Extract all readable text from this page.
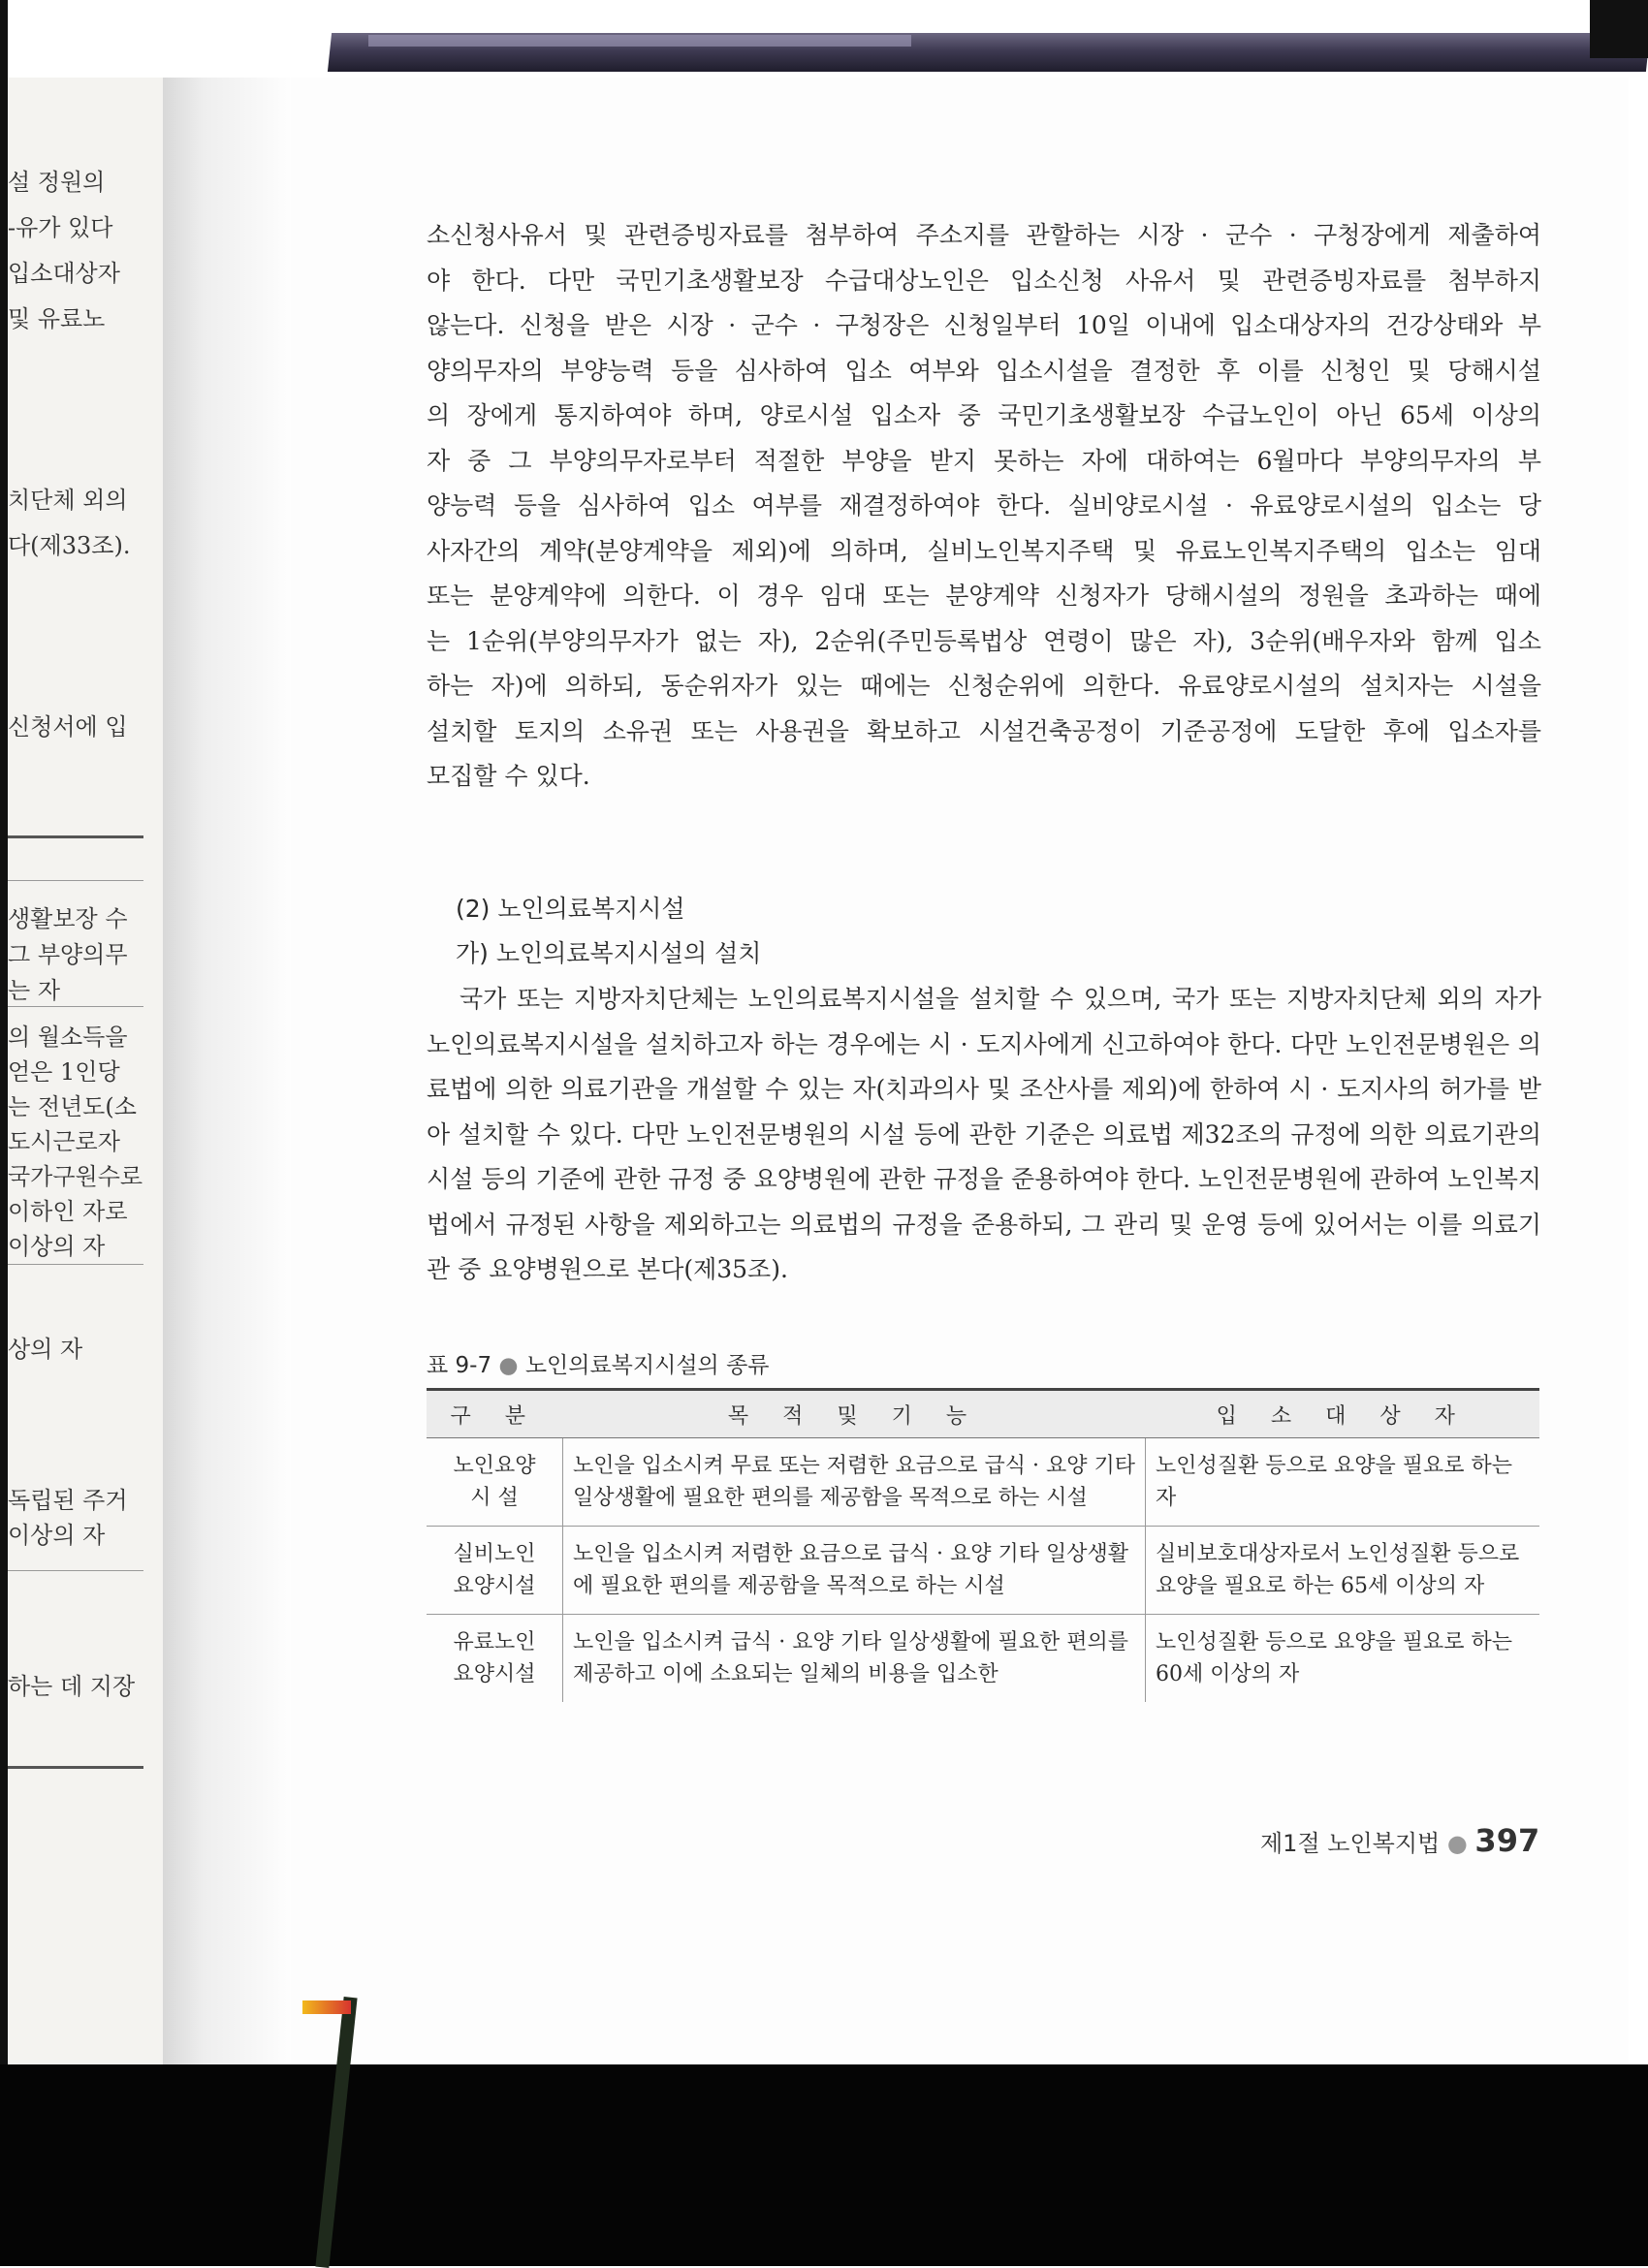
설 정원의
-유가 있다
입소대상자
및 유료노
치단체 외의
다(제33조).
신청서에 입
생활보장 수
그 부양의무
는 자
의 월소득을
얻은 1인당
는 전년도(소
도시근로자
국가구원수로
이하인 자로
이상의 자
상의 자
독립된 주거
이상의 자
하는 데 지장

소신청사유서 및 관련증빙자료를 첨부하여 주소지를 관할하는 시장 · 군수 · 구청장에게 제출하여

야 한다. 다만 국민기초생활보장 수급대상노인은 입소신청 사유서 및 관련증빙자료를 첨부하지

않는다. 신청을 받은 시장 · 군수 · 구청장은 신청일부터 10일 이내에 입소대상자의 건강상태와 부

양의무자의 부양능력 등을 심사하여 입소 여부와 입소시설을 결정한 후 이를 신청인 및 당해시설

의 장에게 통지하여야 하며, 양로시설 입소자 중 국민기초생활보장 수급노인이 아닌 65세 이상의

자 중 그 부양의무자로부터 적절한 부양을 받지 못하는 자에 대하여는 6월마다 부양의무자의 부

양능력 등을 심사하여 입소 여부를 재결정하여야 한다. 실비양로시설 · 유료양로시설의 입소는 당

사자간의 계약(분양계약을 제외)에 의하며, 실비노인복지주택 및 유료노인복지주택의 입소는 임대

또는 분양계약에 의한다. 이 경우 임대 또는 분양계약 신청자가 당해시설의 정원을 초과하는 때에

는 1순위(부양의무자가 없는 자), 2순위(주민등록법상 연령이 많은 자), 3순위(배우자와 함께 입소

하는 자)에 의하되, 동순위자가 있는 때에는 신청순위에 의한다. 유료양로시설의 설치자는 시설을

설치할 토지의 소유권 또는 사용권을 확보하고 시설건축공정이 기준공정에 도달한 후에 입소자를

모집할 수 있다.

(2) 노인의료복지시설
가) 노인의료복지시설의 설치

국가 또는 지방자치단체는 노인의료복지시설을 설치할 수 있으며, 국가 또는 지방자치단체 외의 자가 노인의료복지시설을 설치하고자 하는 경우에는 시 · 도지사에게 신고하여야 한다. 다만 노인전문병원은 의료법에 의한 의료기관을 개설할 수 있는 자(치과의사 및 조산사를 제외)에 한하여 시 · 도지사의 허가를 받아 설치할 수 있다. 다만 노인전문병원의 시설 등에 관한 기준은 의료법 제32조의 규정에 의한 의료기관의 시설 등의 기준에 관한 규정 중 요양병원에 관한 규정을 준용하여야 한다. 노인전문병원에 관하여 노인복지법에서 규정된 사항을 제외하고는 의료법의 규정을 준용하되, 그 관리 및 운영 등에 있어서는 이를 의료기관 중 요양병원으로 본다(제35조).

표 9-7 ● 노인의료복지시설의 종류
구 분	목 적 및 기 능	입 소 대 상 자
노인요양
시 설	노인을 입소시켜 무료 또는 저렴한 요금으로 급식 · 요양 기타 일상생활에 필요한 편의를 제공함을 목적으로 하는 시설	노인성질환 등으로 요양을 필요로 하는 자
실비노인
요양시설	노인을 입소시켜 저렴한 요금으로 급식 · 요양 기타 일상생활에 필요한 편의를 제공함을 목적으로 하는 시설	실비보호대상자로서 노인성질환 등으로 요양을 필요로 하는 65세 이상의 자
유료노인
요양시설	노인을 입소시켜 급식 · 요양 기타 일상생활에 필요한 편의를 제공하고 이에 소요되는 일체의 비용을 입소한	노인성질환 등으로 요양을 필요로 하는 60세 이상의 자
제1절 노인복지법 ● 397
